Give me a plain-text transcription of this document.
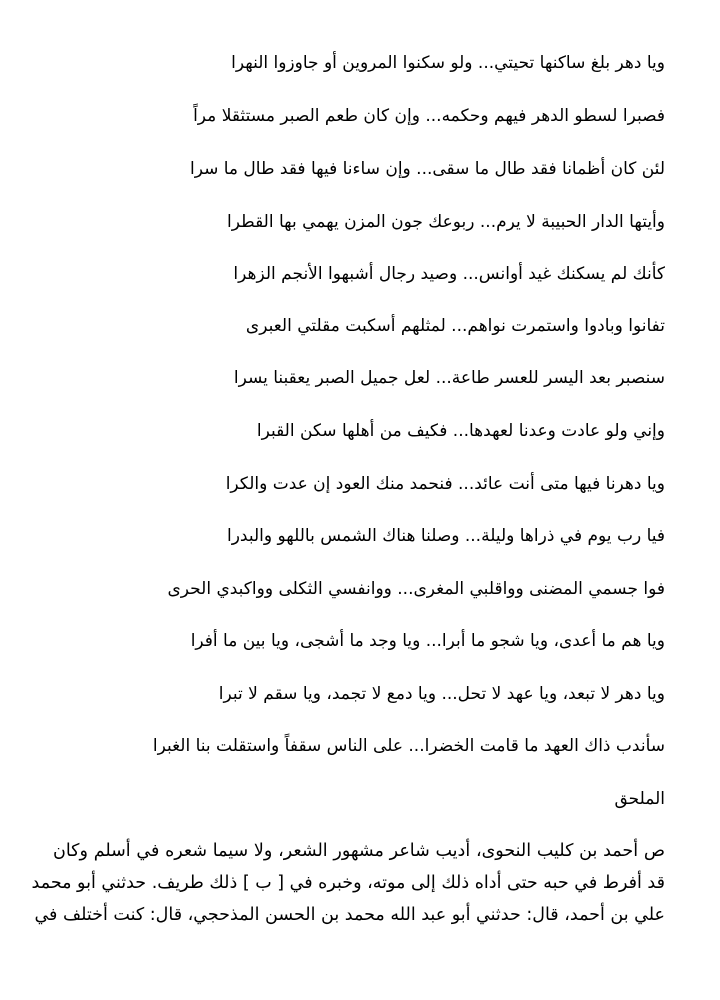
ويا دهر بلغ ساكنها تحيتي... ولو سكنوا المروين أو جاوزوا النهرا
فصبرا لسطو الدهر فيهم وحكمه... وإن كان طعم الصبر مستثقلا مراً
لئن كان أظمانا فقد طال ما سقى... وإن ساءنا فيها فقد طال ما سرا
وأيتها الدار الحبيبة لا يرم... ربوعك جون المزن يهمي بها القطرا
كأنك لم يسكنك غيد أوانس... وصيد رجال أشبهوا الأنجم الزهرا
تفانوا وبادوا واستمرت نواهم... لمثلهم أسكبت مقلتي العبرى
سنصبر بعد اليسر للعسر طاعة... لعل جميل الصبر يعقبنا يسرا
وإني ولو عادت وعدنا لعهدها... فكيف من أهلها سكن القبرا
ويا دهرنا فيها متى أنت عائد... فنحمد منك العود إن عدت والكرا
فيا رب يوم في ذراها وليلة... وصلنا هناك الشمس باللهو والبدرا
فوا جسمي المضنى وواقلبي المغرى... ووانفسي الثكلى وواكبدي الحرى
ويا هم ما أعدى، ويا شجو ما أبرا... ويا وجد ما أشجى، ويا بين ما أفرا
ويا دهر لا تبعد، ويا عهد لا تحل... ويا دمع لا تجمد، ويا سقم لا تبرا
سأندب ذاك العهد ما قامت الخضرا... على الناس سقفاً واستقلت بنا الغبرا
الملحق
ص أحمد بن كليب النحوى، أديب شاعر مشهور الشعر، ولا سيما شعره في أسلم وكان
قد أفرط في حبه حتى أداه ذلك إلى موته، وخبره في [ ب ] ذلك طريف. حدثني أبو محمد
علي بن أحمد، قال: حدثني أبو عبد الله محمد بن الحسن المذحجي، قال: كنت أختلف في
